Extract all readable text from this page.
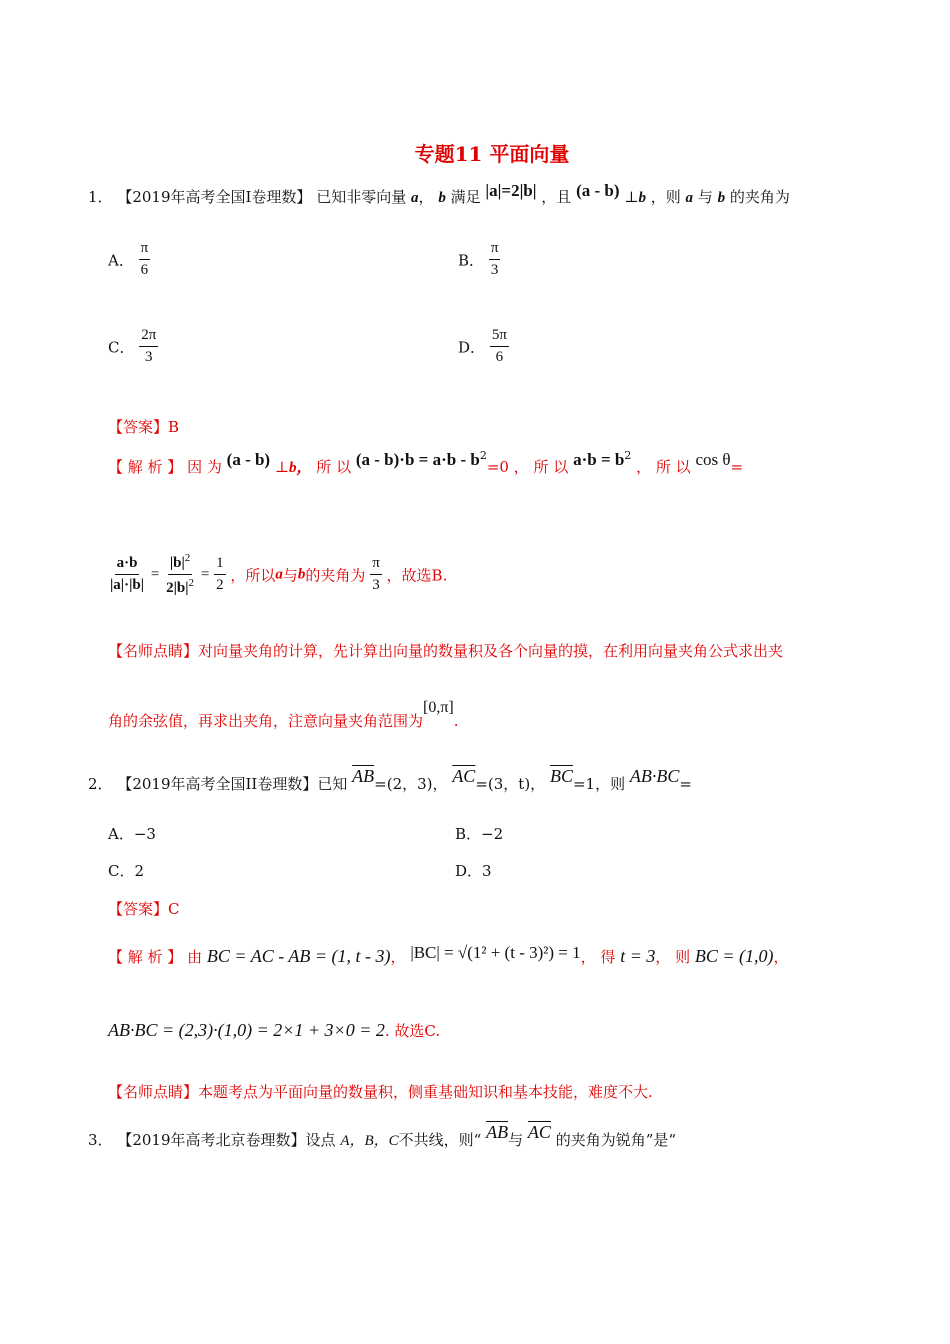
专题11 平面向量
1． 【2019年高考全国I卷理数】 已知非零向量 a， b 满足 |a|=2|b| ，且 (a - b) ⊥b ，则 a 与 b 的夹角为
A． $\frac{\pi}{6}$	B． $\frac{\pi}{3}$
C． $\frac{2\pi}{3}$	D． $\frac{5\pi}{6}$
【答案】B
【 解 析 】 因 为 (a - b) ⊥b， 所 以 $(a - b)\cdot b = a\cdot b - b^2=0$ ， 所 以 $a\cdot b = b^2$ ， 所 以 cos θ=
$\frac{a\cdot b}{|a|\cdot|b|} = \frac{|b|^2}{2|b|^2} = \frac{1}{2}$ ，所以a与b的夹角为 $\frac{\pi}{3}$ ，故选B.
【名师点睛】对向量夹角的计算，先计算出向量的数量积及各个向量的摸，在利用向量夹角公式求出夹
角的余弦值，再求出夹角，注意向量夹角范围为[0,π].
2． 【2019年高考全国II卷理数】已知 $\overline{AB}=(2$，3)， $\overline{AC}=(3$，t)， $\overline{BC}=1$，则 AB·BC=
A．−3	B．−2
C．2	D．3
【答案】C
【 解 析 】 由 BC = AC - AB = (1, t - 3)， |BC| = √(1² + (t - 3)²) = 1， 得 t = 3， 则 BC = (1,0)，
AB·BC = (2,3)·(1,0) = 2×1 + 3×0 = 2. 故选C.
【名师点睛】本题考点为平面向量的数量积，侧重基础知识和基本技能，难度不大.
3． 【2019年高考北京卷理数】设点 A，B，C不共线，则“ $\overline{AB}$与 $\overline{AC}$ 的夹角为锐角”是“
